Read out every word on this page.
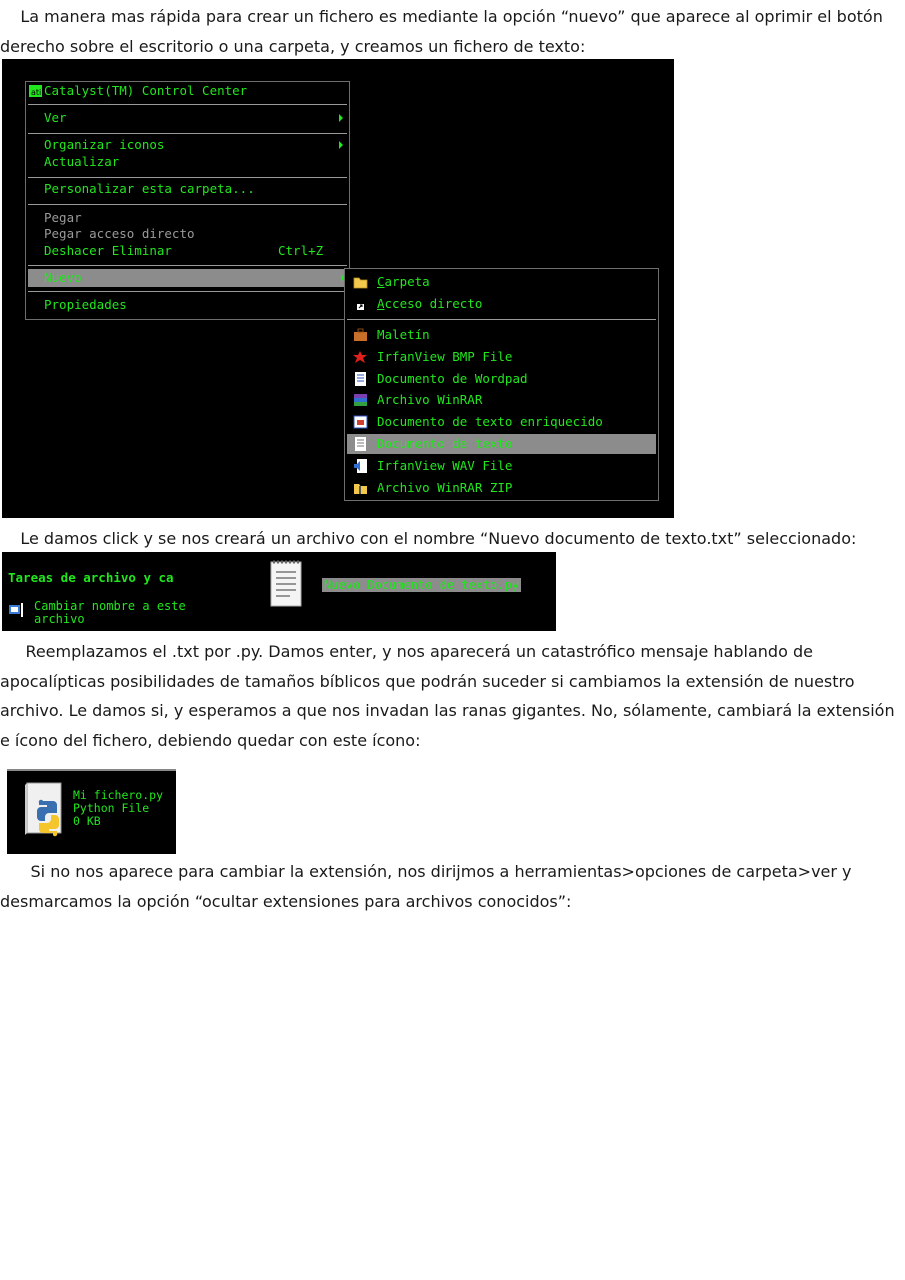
La manera mas rápida para crear un fichero es mediante la opción “nuevo” que aparece al oprimir el botón derecho sobre el escritorio o una carpeta, y creamos un fichero de texto:

ati Catalyst(TM) Control Center
Ver
Organizar iconos
Actualizar
Personalizar esta carpeta...
Pegar
Pegar acceso directo
Deshacer Eliminar	Ctrl+Z
Nuevo
Propiedades
Carpeta
Acceso directo
Maletín
IrfanView BMP File
Documento de Wordpad
Archivo WinRAR
Documento de texto enriquecido
Documento de texto
IrfanView WAV File
Archivo WinRAR ZIP

Le damos click y se nos creará un archivo con el nombre “Nuevo documento de texto.txt” seleccionado:

Tareas de archivo y ca
Cambiar nombre a este
archivo
Nuevo Documento de texto.py

Reemplazamos el .txt por .py. Damos enter, y nos aparecerá un catastrófico mensaje hablando de apocalípticas posibilidades de tamaños bíblicos que podrán suceder si cambiamos la extensión de nuestro archivo. Le damos si, y esperamos a que nos invadan las ranas gigantes. No, sólamente, cambiará la extensión e ícono del fichero, debiendo quedar con este ícono:

Mi fichero.py
Python File
0 KB

Si no nos aparece para cambiar la extensión, nos dirijmos a herramientas>opciones de carpeta>ver y desmarcamos la opción “ocultar extensiones para archivos conocidos”:
